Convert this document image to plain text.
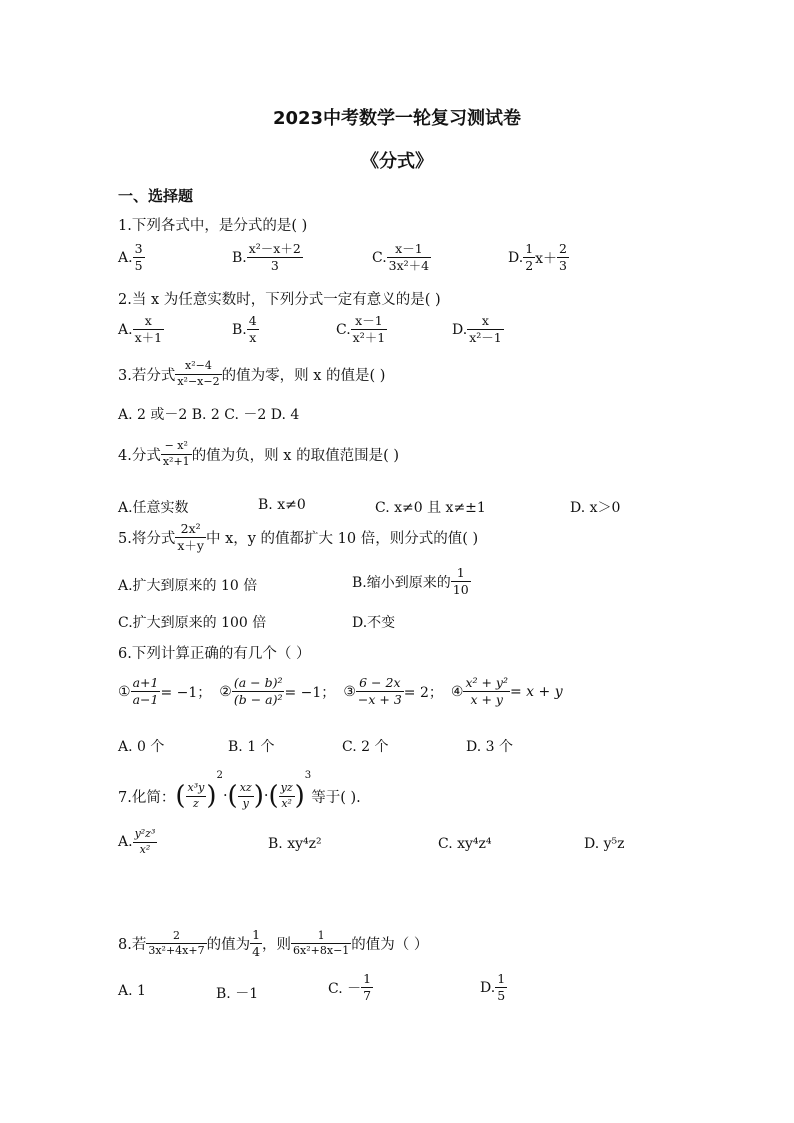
2023中考数学一轮复习测试卷
《分式》
一、选择题
1.下列各式中，是分式的是( )
A. $\frac{3}{5}$	B. $\frac{\text{x²－x＋2}}{3}$	C. $\frac{x-1}{\text{3x²＋4}}$	D. $\frac{1}{2} x+ \frac{2}{3}$
2.当 x 为任意实数时，下列分式一定有意义的是( )
A. $\frac{x}{x+1}$	B. $\frac{4}{x}$	C. $\frac{x-1}{\text{x²＋1}}$	D. $\frac{x}{\text{x²－1}}$
3.若分式 $\frac{\text{x²−4}}{\text{x²−x−2}}$ 的值为零，则 x 的值是( )
A. 2 或－2 B. 2 C. －2 D. 4
4.分式 $\frac{\text{− x²}}{\text{x²+1}}$ 的值为负，则 x 的取值范围是( )
A.任意实数	B. x≠0	C. x≠0 且 x≠±1	D. x＞0
5.将分式 $\frac{\text{2x²}}{x+y}$ 中 x，y 的值都扩大 10 倍，则分式的值( )
A.扩大到原来的 10 倍	B.缩小到原来的 $\frac{1}{10}$
C.扩大到原来的 100 倍	D.不变
6.下列计算正确的有几个（ ）
① $\frac{a+1}{a-1} = -1$； ② $\frac{\text{(a − b)²}}{\text{(b − a)²}} = -1$； ③ $\frac{6 - 2x}{-x + 3} = 2$； ④ $\frac{\text{x² + y²}}{x + y} = x + y$
A. 0 个	B. 1 个	C. 2 个	D. 3 个
7.化简：( $\frac{\text{x³y}}{z} )^2\cdot( \frac{xz}{y}$ )·( $\frac{yz}{\text{x²}} )^3$等于( ).
A. $\frac{\text{y²z³}}{\text{x²}}$	B. xy⁴z²	C. xy⁴z⁴	D. y⁵z
8.若 $\frac{2}{\text{3x²+4x+7}}$ 的值为 $\frac{1}{4}$ ，则 $\frac{1}{\text{6x²+8x−1}}$ 的值为（ ）
A. 1	B. －1	C. － $\frac{1}{7}$	D. $\frac{1}{5}$
